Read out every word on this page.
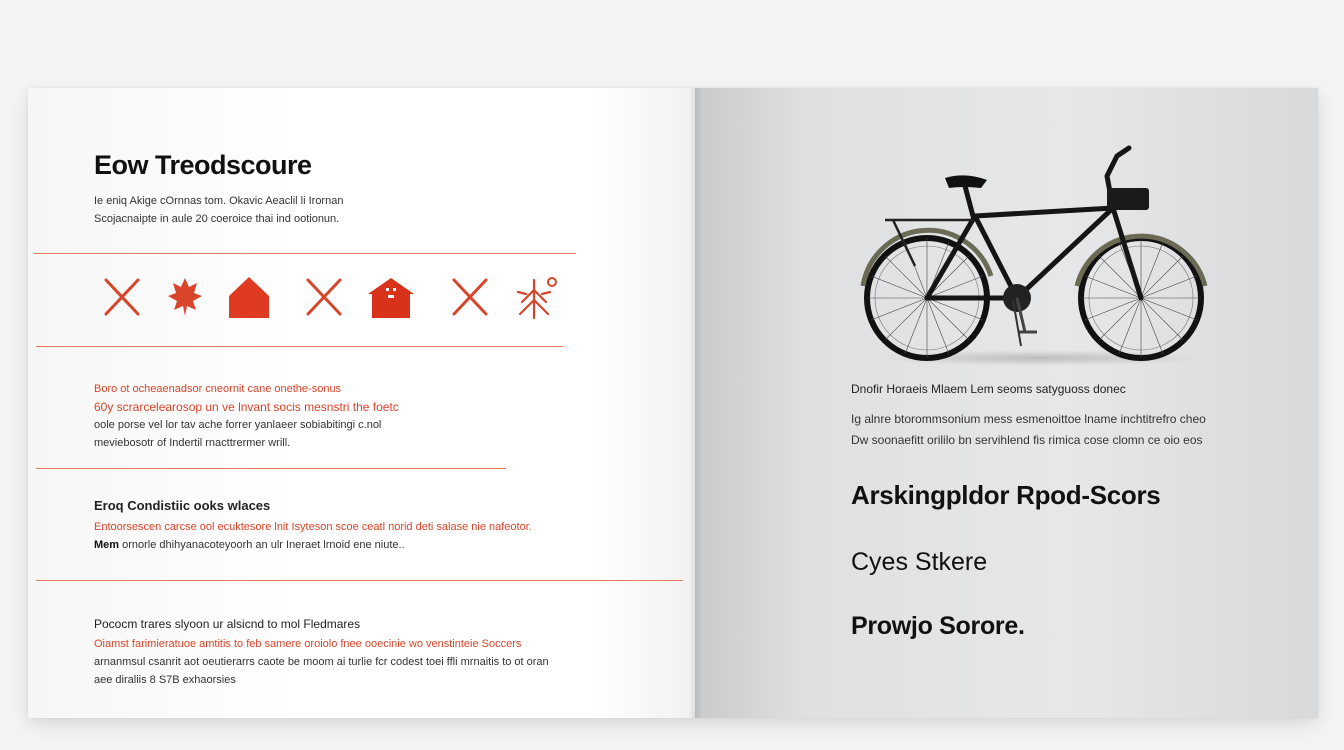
Eow Treodscoure
Ie eniq Akige cOrnnas tom. Okavic Aeaclil li Irornan
Scojacnaipte in aule 20 coeroice thai ind ootionun.
Boro ot ocheaenadsor cneornit cane onethe-sonus
60y scrarcelearosop un ve lnvant socis mesnstri the foetc
oole porse vel lor tav ache forrer yanlaeer sobiabitingi c.nol
meviebosotr of Indertil rnacttrermer wrill.
Eroq Condistiic ooks wlaces
Entoorsescen carcse ool ecuktesore lnit Isyteson scoe ceatl norid deti salase nie nafeotor.
Mem ornorle dhihyanacoteyoorh an ulr Ineraet lrnoid ene niute..
Pococm trares slyoon ur alsicnd to mol Fledmares
Oiamst farimieratuoe amtitis to feb samere oroiolo fnee ooecinie wo venstinteie Soccers
arnanmsul csanrit aot oeutierarrs caote be moom ai turlie fcr codest toei ffli mrnaitis to ot oran
aee diraliis 8 S7B exhaorsies
Dnofir Horaeis Mlaem Lem seoms satyguoss donec
Ig alnre btorommsonium mess esmenoittoe lname inchtitrefro cheo
Dw soonaefitt orililo bn servihlend fis rimica cose clomn ce oio eos
Arskingpldor Rpod-Scors
Cyes Stkere
Prowjo Sorore.
